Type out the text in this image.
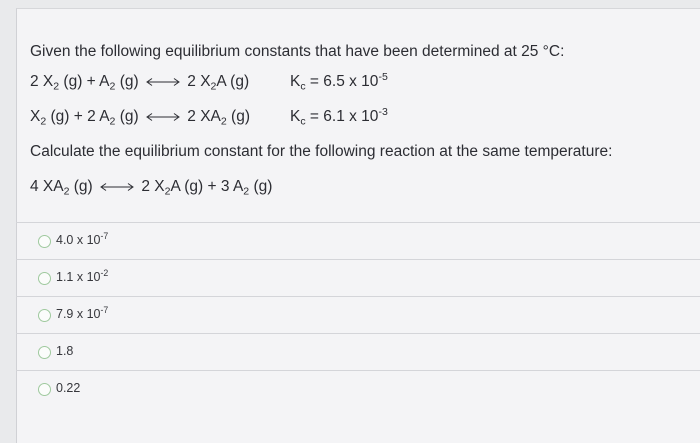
Given the following equilibrium constants that have been determined at 25 °C:
2 $X_2$ $(g) + A_2$ (g)	2 $X_2A$ (g)	$K_c = 6.5$ x $10^{-5}$
$X_2$ (g) + 2 $A_2$ (g)	2 $XA_2$ (g)	$K_c = 6.1$ x $10^{-3}$
Calculate the equilibrium constant for the following reaction at the same temperature:
4 $XA_2$ (g)	2 $X_2A$ (g) + 3 $A_2$ (g)
4.0 x $10^{-7}$
1.1 x $10^{-2}$
7.9 x $10^{-7}$
1.8
0.22
